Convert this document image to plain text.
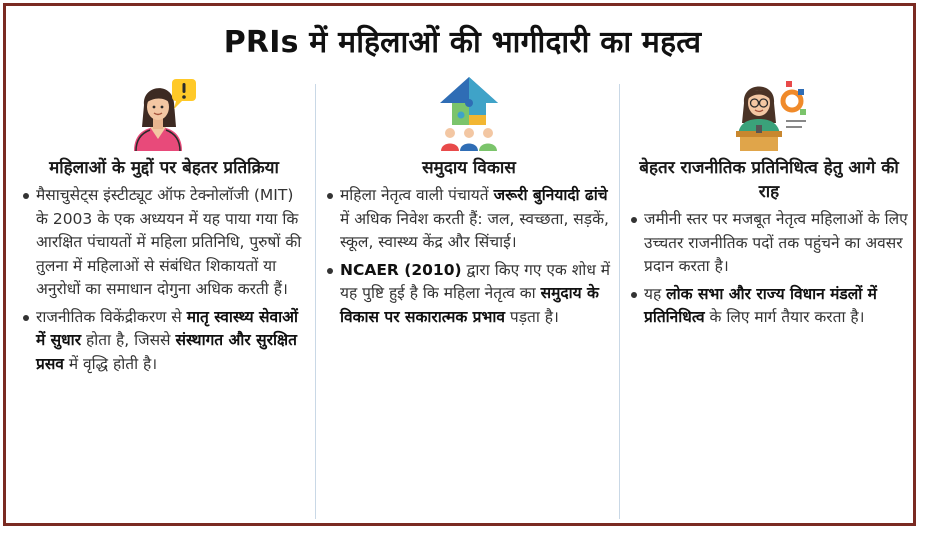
PRIs में महिलाओं की भागीदारी का महत्व
महिलाओं के मुद्दों पर बेहतर प्रतिक्रिया
मैसाचुसेट्स इंस्टीट्यूट ऑफ टेक्नोलॉजी (MIT) के 2003 के एक अध्ययन में यह पाया गया कि आरक्षित पंचायतों में महिला प्रतिनिधि, पुरुषों की तुलना में महिलाओं से संबंधित शिकायतों या अनुरोधों का समाधान दोगुना अधिक करती हैं।
राजनीतिक विकेंद्रीकरण से मातृ स्वास्थ्य सेवाओं में सुधार होता है, जिससे संस्थागत और सुरक्षित प्रसव में वृद्धि होती है।
समुदाय विकास
महिला नेतृत्व वाली पंचायतें जरूरी बुनियादी ढांचे में अधिक निवेश करती हैं: जल, स्वच्छता, सड़कें, स्कूल, स्वास्थ्य केंद्र और सिंचाई।
NCAER (2010) द्वारा किए गए एक शोध में यह पुष्टि हुई है कि महिला नेतृत्व का समुदाय के विकास पर सकारात्मक प्रभाव पड़ता है।
बेहतर राजनीतिक प्रतिनिधित्व हेतु आगे की राह
जमीनी स्तर पर मजबूत नेतृत्व महिलाओं के लिए उच्चतर राजनीतिक पदों तक पहुंचने का अवसर प्रदान करता है।
यह लोक सभा और राज्य विधान मंडलों में प्रतिनिधित्व के लिए मार्ग तैयार करता है।
